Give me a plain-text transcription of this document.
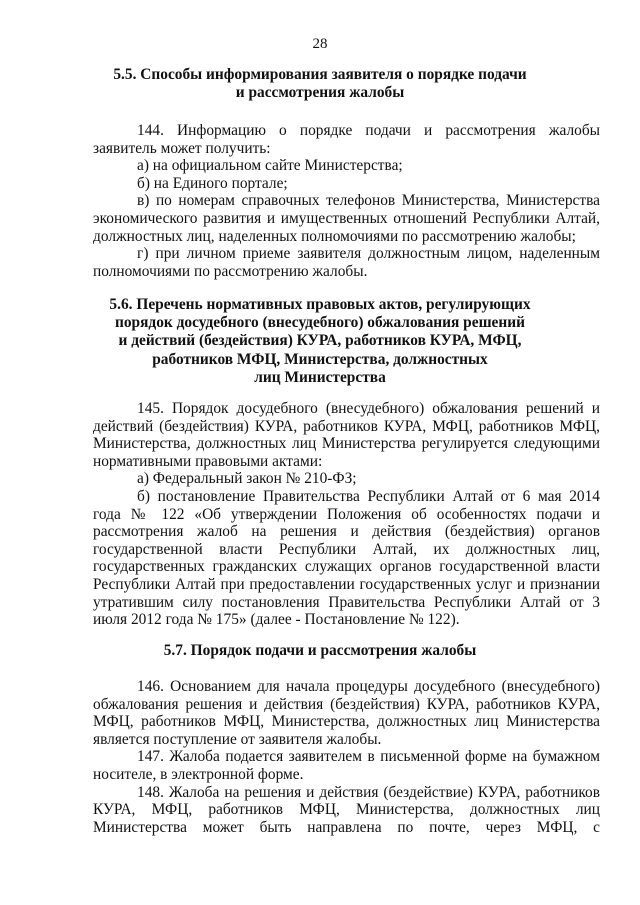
28
5.5. Способы информирования заявителя о порядке подачи
и рассмотрения жалобы

144. Информацию о порядке подачи и рассмотрения жалобы заявитель может получить:

а) на официальном сайте Министерства;

б) на Единого портале;

в) по номерам справочных телефонов Министерства, Министерства экономического развития и имущественных отношений Республики Алтай, должностных лиц, наделенных полномочиями по рассмотрению жалобы;

г) при личном приеме заявителя должностным лицом, наделенным полномочиями по рассмотрению жалобы.

5.6. Перечень нормативных правовых актов, регулирующих
порядок досудебного (внесудебного) обжалования решений
и действий (бездействия) КУРА, работников КУРА, МФЦ,
работников МФЦ, Министерства, должностных
лиц Министерства

145. Порядок досудебного (внесудебного) обжалования решений и действий (бездействия) КУРА, работников КУРА, МФЦ, работников МФЦ, Министерства, должностных лиц Министерства регулируется следующими нормативными правовыми актами:

а) Федеральный закон № 210-ФЗ;

б) постановление Правительства Республики Алтай от 6 мая 2014 года № 122 «Об утверждении Положения об особенностях подачи и рассмотрения жалоб на решения и действия (бездействия) органов государственной власти Республики Алтай, их должностных лиц, государственных гражданских служащих органов государственной власти Республики Алтай при предоставлении государственных услуг и признании утратившим силу постановления Правительства Республики Алтай от 3 июля 2012 года № 175» (далее - Постановление № 122).

5.7. Порядок подачи и рассмотрения жалобы

146. Основанием для начала процедуры досудебного (внесудебного) обжалования решения и действия (бездействия) КУРА, работников КУРА, МФЦ, работников МФЦ, Министерства, должностных лиц Министерства является поступление от заявителя жалобы.

147. Жалоба подается заявителем в письменной форме на бумажном носителе, в электронной форме.

148. Жалоба на решения и действия (бездействие) КУРА, работников КУРА, МФЦ, работников МФЦ, Министерства, должностных лиц Министерства может быть направлена по почте, через МФЦ, с
